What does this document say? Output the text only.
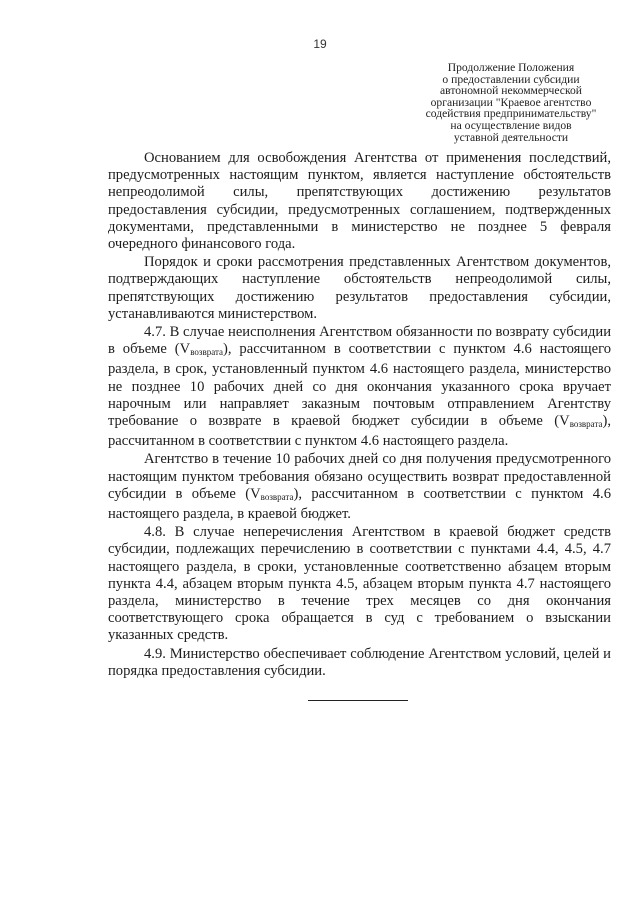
19
Продолжение Положения
о предоставлении субсидии
автономной некоммерческой
организации "Краевое агентство
содействия предпринимательству"
на осуществление видов
уставной деятельности

Основанием для освобождения Агентства от применения последствий, предусмотренных настоящим пунктом, является наступление обстоятельств непреодолимой силы, препятствующих достижению результатов предоставления субсидии, предусмотренных соглашением, подтвержденных документами, представленными в министерство не позднее 5 февраля очередного финансового года.

Порядок и сроки рассмотрения представленных Агентством документов, подтверждающих наступление обстоятельств непреодолимой силы, препятствующих достижению результатов предоставления субсидии, устанавливаются министерством.

4.7. В случае неисполнения Агентством обязанности по возврату субсидии в объеме $(V_{возврата})$, рассчитанном в соответствии с пунктом 4.6 настоящего раздела, в срок, установленный пунктом 4.6 настоящего раздела, министерство не позднее 10 рабочих дней со дня окончания указанного срока вручает нарочным или направляет заказным почтовым отправлением Агентству требование о возврате в краевой бюджет субсидии в объеме $(V_{возврата})$, рассчитанном в соответствии с пунктом 4.6 настоящего раздела.

Агентство в течение 10 рабочих дней со дня получения предусмотренного настоящим пунктом требования обязано осуществить возврат предоставленной субсидии в объеме $(V_{возврата})$, рассчитанном в соответствии с пунктом 4.6 настоящего раздела, в краевой бюджет.

4.8. В случае неперечисления Агентством в краевой бюджет средств субсидии, подлежащих перечислению в соответствии с пунктами 4.4, 4.5, 4.7 настоящего раздела, в сроки, установленные соответственно абзацем вторым пункта 4.4, абзацем вторым пункта 4.5, абзацем вторым пункта 4.7 настоящего раздела, министерство в течение трех месяцев со дня окончания соответствующего срока обращается в суд с требованием о взыскании указанных средств.

4.9. Министерство обеспечивает соблюдение Агентством условий, целей и порядка предоставления субсидии.
